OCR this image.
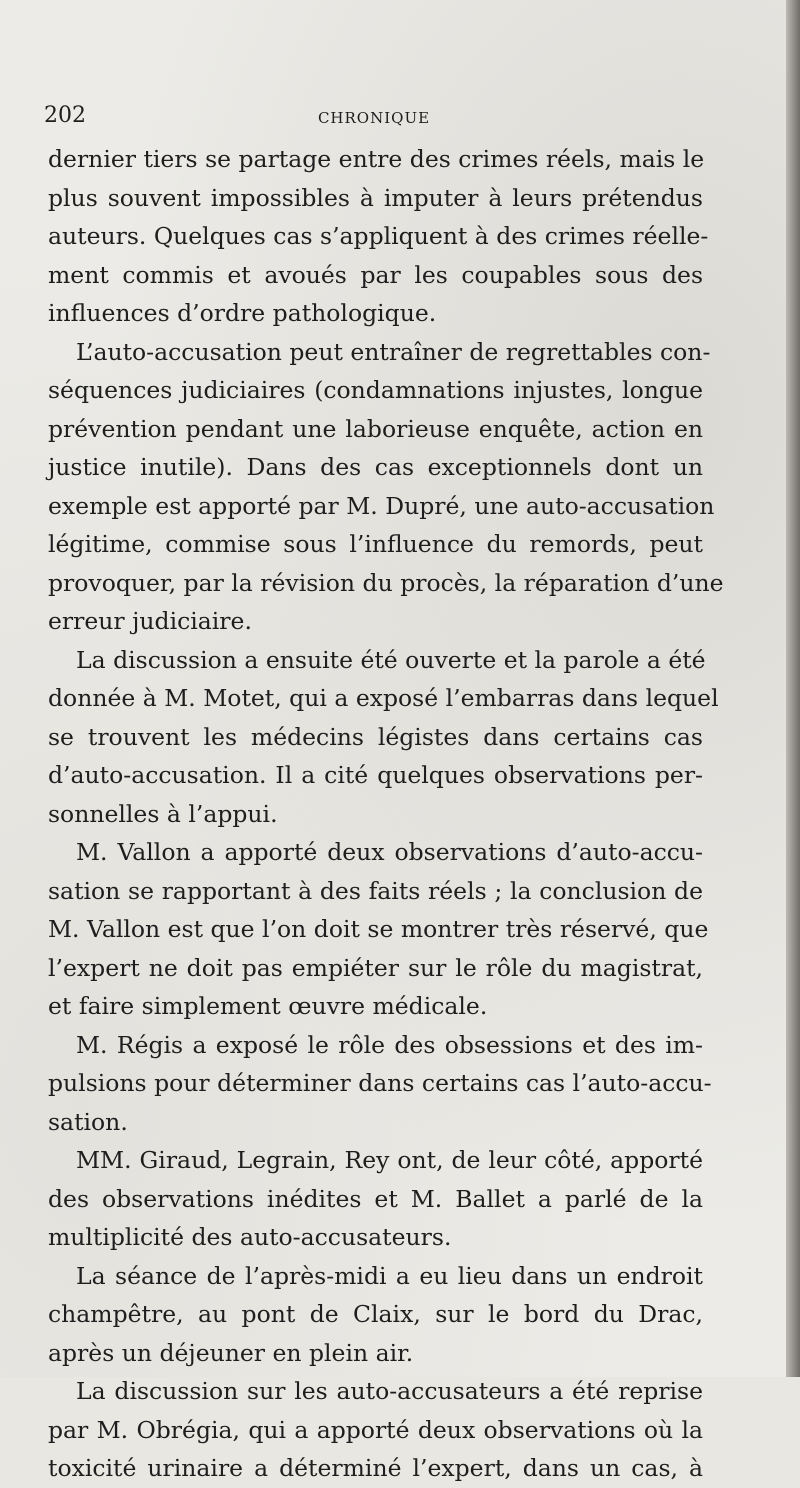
202	CHRONIQUE
dernier tiers se partage entre des crimes réels, mais le
plus souvent impossibles à imputer à leurs prétendus
auteurs. Quelques cas s’appliquent à des crimes réelle-
ment commis et avoués par les coupables sous des
influences d’ordre pathologique.
L’auto-accusation peut entraîner de regrettables con-
séquences judiciaires (condamnations injustes, longue
prévention pendant une laborieuse enquête, action en
justice inutile). Dans des cas exceptionnels dont un
exemple est apporté par M. Dupré, une auto-accusation
légitime, commise sous l’influence du remords, peut
provoquer, par la révision du procès, la réparation d’une
erreur judiciaire.
La discussion a ensuite été ouverte et la parole a été
donnée à M. Motet, qui a exposé l’embarras dans lequel
se trouvent les médecins légistes dans certains cas
d’auto-accusation. Il a cité quelques observations per-
sonnelles à l’appui.
M. Vallon a apporté deux observations d’auto-accu-
sation se rapportant à des faits réels ; la conclusion de
M. Vallon est que l’on doit se montrer très réservé, que
l’expert ne doit pas empiéter sur le rôle du magistrat,
et faire simplement œuvre médicale.
M. Régis a exposé le rôle des obsessions et des im-
pulsions pour déterminer dans certains cas l’auto-accu-
sation.
MM. Giraud, Legrain, Rey ont, de leur côté, apporté
des observations inédites et M. Ballet a parlé de la
multiplicité des auto-accusateurs.
La séance de l’après-midi a eu lieu dans un endroit
champêtre, au pont de Claix, sur le bord du Drac,
après un déjeuner en plein air.
La discussion sur les auto-accusateurs a été reprise
par M. Obrégia, qui a apporté deux observations où la
toxicité urinaire a déterminé l’expert, dans un cas, à
